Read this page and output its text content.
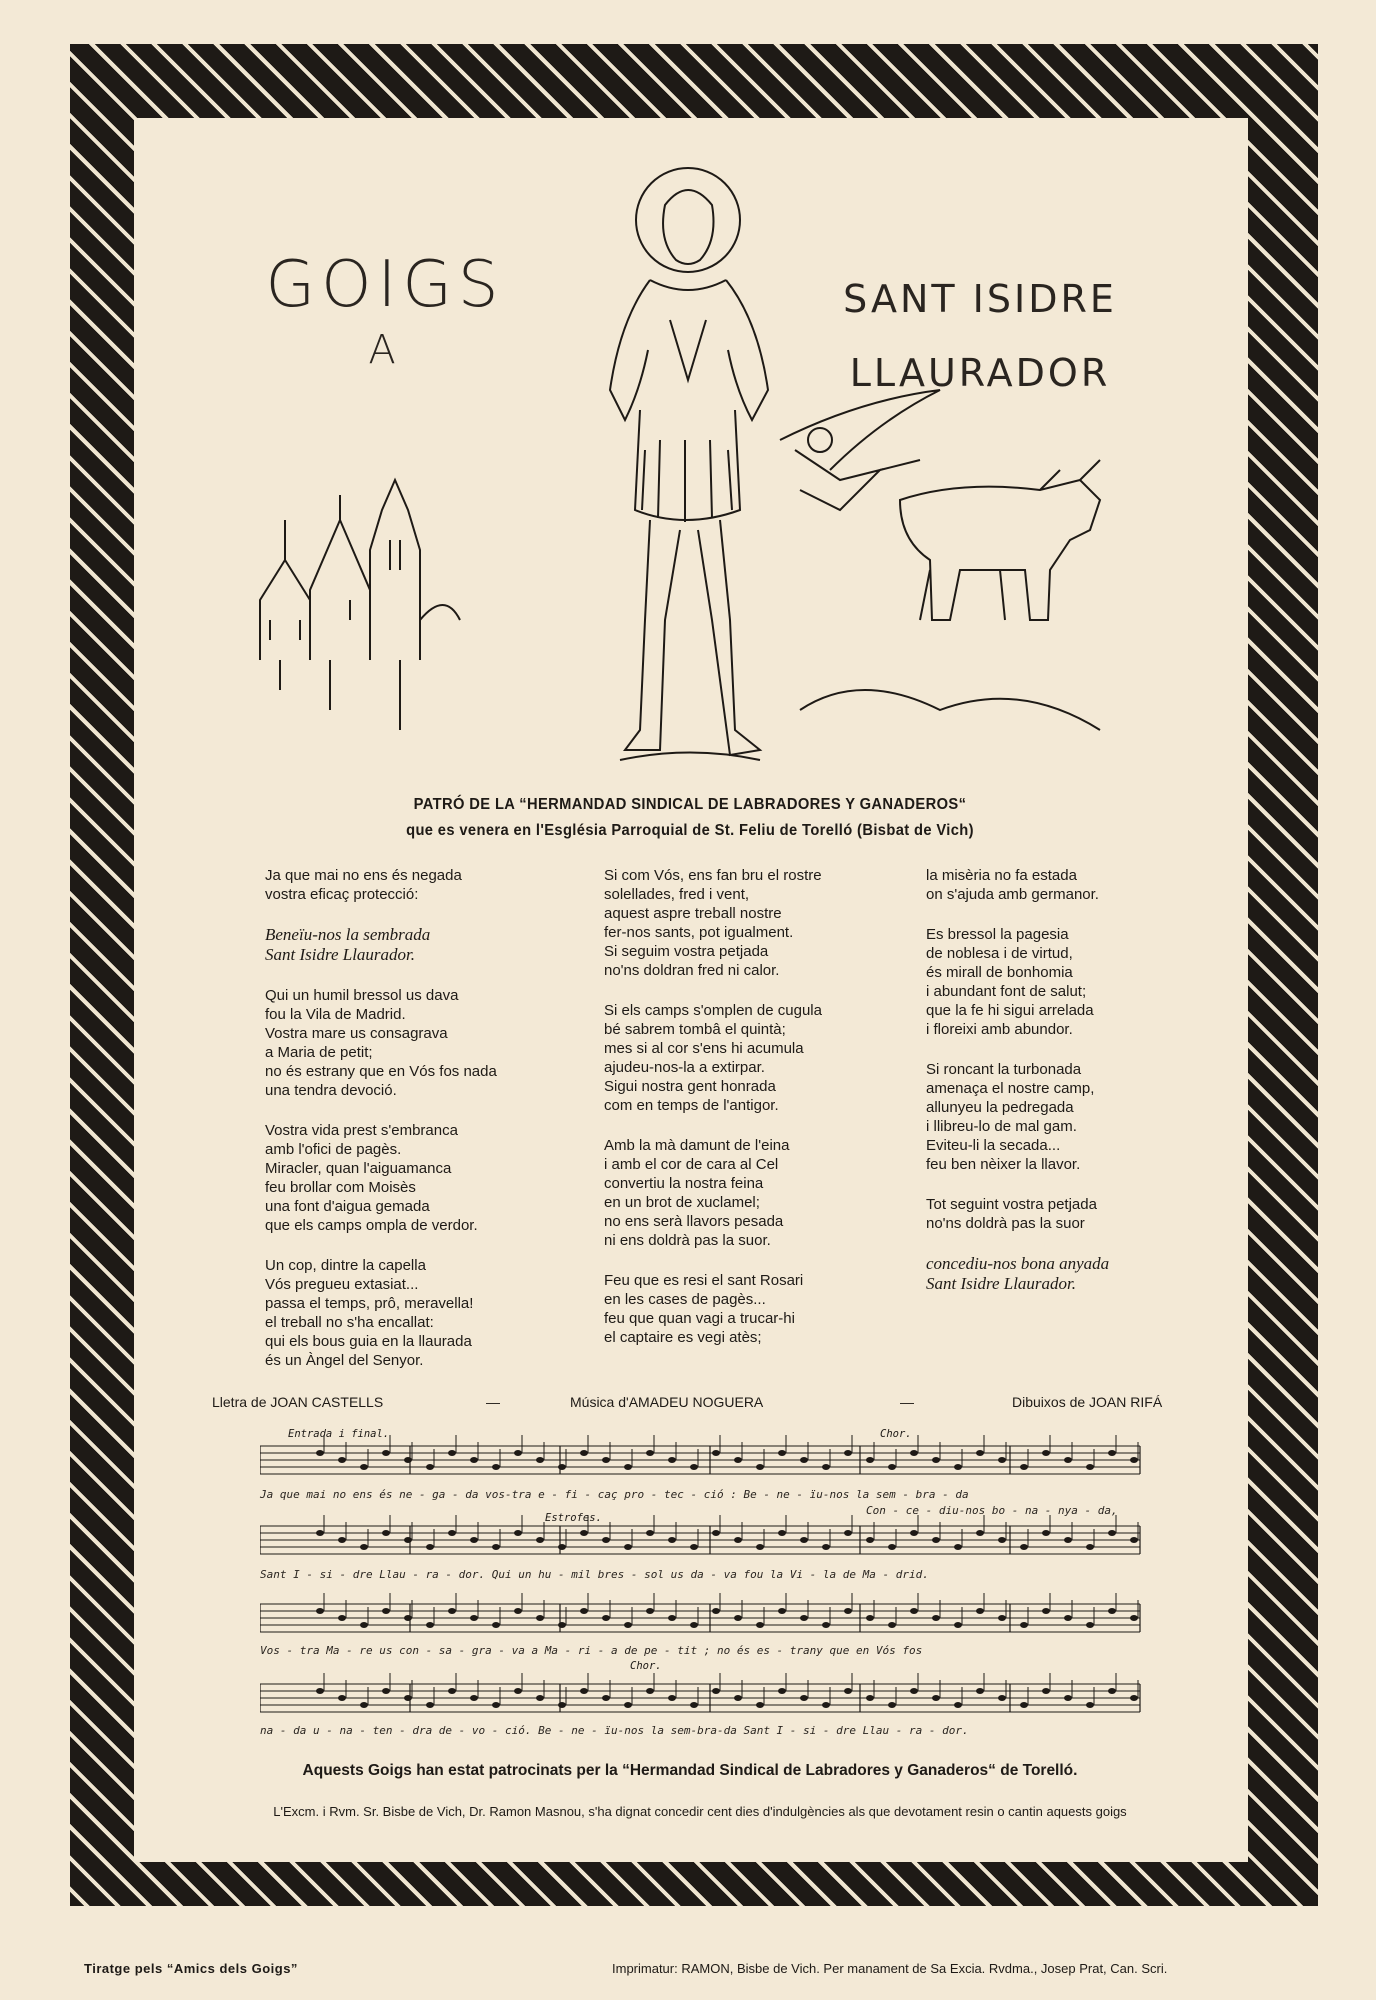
GOIGS
A
SANT ISIDRE
LLAURADOR
PATRÓ DE LA “HERMANDAD SINDICAL DE LABRADORES Y GANADEROS“
que es venera en l'Església Parroquial de St. Feliu de Torelló (Bisbat de Vich)
Ja que mai no ens és negada
vostra eficaç protecció:
Beneïu-nos la sembrada
Sant Isidre Llaurador.
Qui un humil bressol us dava
fou la Vila de Madrid.
Vostra mare us consagrava
a Maria de petit;
no és estrany que en Vós fos nada
una tendra devoció.
Vostra vida prest s'embranca
amb l'ofici de pagès.
Miracler, quan l'aiguamanca
feu brollar com Moisès
una font d'aigua gemada
que els camps ompla de verdor.
Un cop, dintre la capella
Vós pregueu extasiat...
passa el temps, prô, meravella!
el treball no s'ha encallat:
qui els bous guia en la llaurada
és un Àngel del Senyor.
Si com Vós, ens fan bru el rostre
solellades, fred i vent,
aquest aspre treball nostre
fer-nos sants, pot igualment.
Si seguim vostra petjada
no'ns doldran fred ni calor.
Si els camps s'omplen de cugula
bé sabrem tombâ el quintà;
mes si al cor s'ens hi acumula
ajudeu-nos-la a extirpar.
Sigui nostra gent honrada
com en temps de l'antigor.
Amb la mà damunt de l'eina
i amb el cor de cara al Cel
convertiu la nostra feina
en un brot de xuclamel;
no ens serà llavors pesada
ni ens doldrà pas la suor.
Feu que es resi el sant Rosari
en les cases de pagès...
feu que quan vagi a trucar-hi
el captaire es vegi atès;
la misèria no fa estada
on s'ajuda amb germanor.
Es bressol la pagesia
de noblesa i de virtud,
és mirall de bonhomia
i abundant font de salut;
que la fe hi sigui arrelada
i floreixi amb abundor.
Si roncant la turbonada
amenaça el nostre camp,
allunyeu la pedregada
i llibreu-lo de mal gam.
Eviteu-li la secada...
feu ben nèixer la llavor.
Tot seguint vostra petjada
no'ns doldrà pas la suor
concediu-nos bona anyada
Sant Isidre Llaurador.
Lletra de JOAN CASTELLS	—	Música d'AMADEU NOGUERA	—	Dibuixos de JOAN RIFÁ
Entrada i final.	Chor.
Estrofes.
Chor.
Ja que mai no ens és ne - ga - da vos-tra e - fi - caç pro - tec - ció : Be - ne - ïu-nos la sem - bra - da
Con - ce - diu-nos bo - na - nya - da,
Sant I - si - dre Llau - ra - dor. Qui un hu - mil bres - sol us da - va fou la Vi - la de Ma - drid.
Vos - tra Ma - re us con - sa - gra - va a Ma - ri - a de pe - tit ; no és es - trany que en Vós fos
na - da u - na - ten - dra de - vo - ció. Be - ne - ïu-nos la sem-bra-da Sant I - si - dre Llau - ra - dor.
Aquests Goigs han estat patrocinats per la “Hermandad Sindical de Labradores y Ganaderos“ de Torelló.
L'Excm. i Rvm. Sr. Bisbe de Vich, Dr. Ramon Masnou, s'ha dignat concedir cent dies d'indulgències als que devotament resin o cantin aquests goigs
Tiratge pels “Amics dels Goigs”	Imprimatur: RAMON, Bisbe de Vich. Per manament de Sa Excia. Rvdma., Josep Prat, Can. Scri.
